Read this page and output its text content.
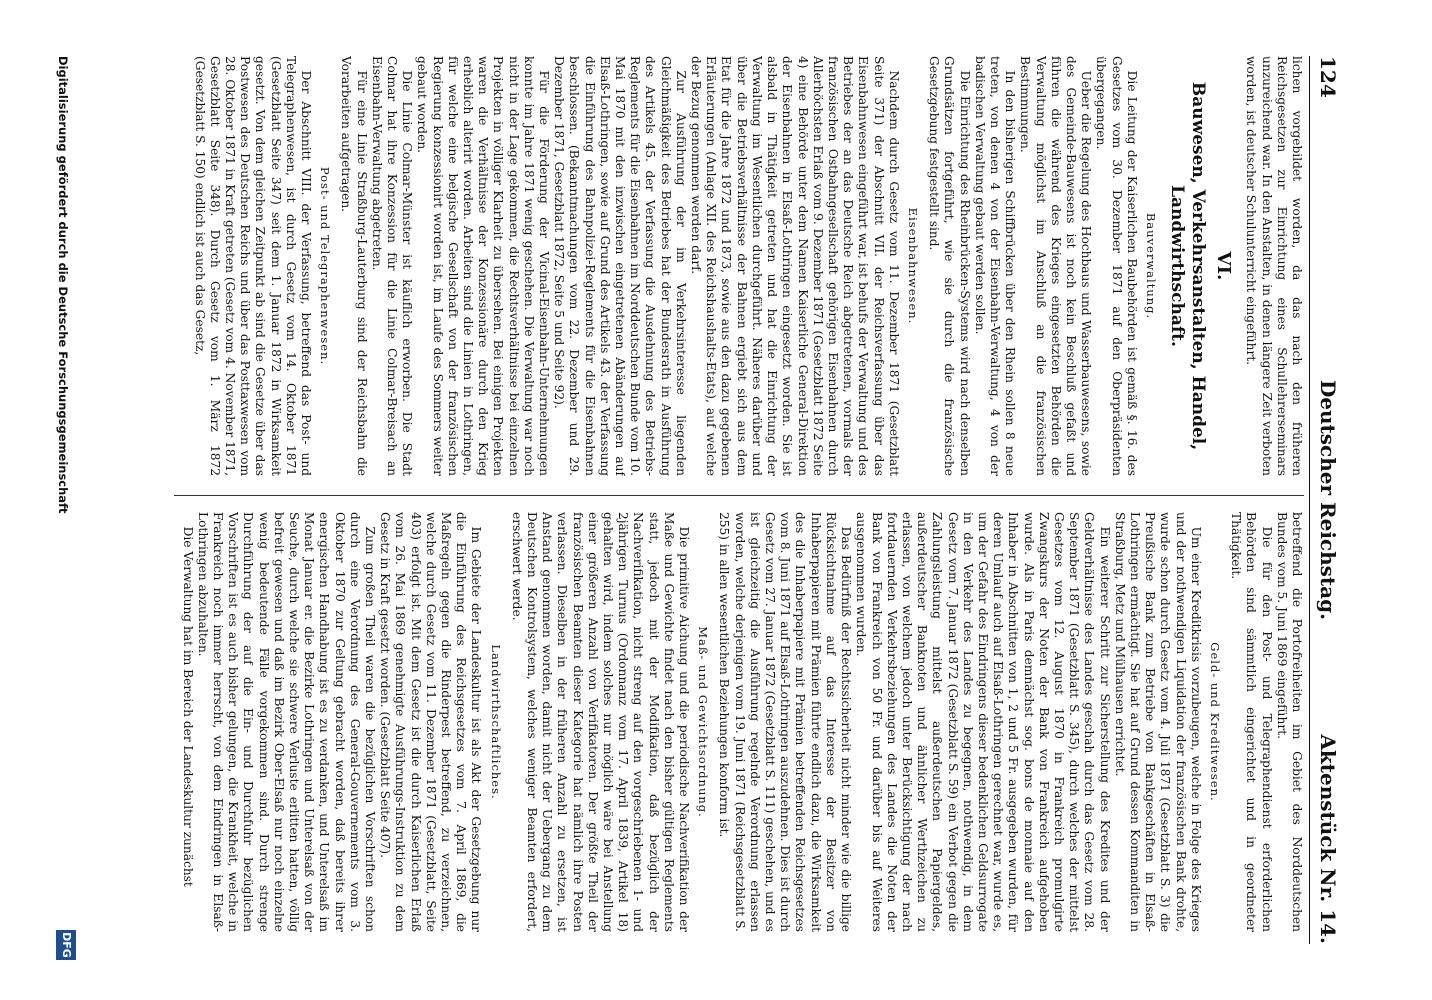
124
Deutscher Reichstag.
Aktenstück Nr. 14.

lichen vorgebildet worden, da das nach den früheren Reichsgesetzen zur Einrichtung eines Schullehrerseminars unzureichend war. In den Anstalten, in denen längere Zeit verboten worden, ist deutscher Schulunterricht eingeführt.

VI.
Bauwesen, Verkehrsanstalten, Handel, Landwirthschaft.
Bauverwaltung.

Die Leitung der Kaiserlichen Baubehörden ist gemäß §. 16. des Gesetzes vom 30. Dezember 1871 auf den Oberpräsidenten übergegangen.

Ueber die Regelung des Hochbaus und Wasserbauwesens, sowie des Gemeinde-Bauwesens ist noch kein Beschluß gefaßt und führen die während des Krieges eingesetzten Behörden die Verwaltung möglichst im Anschluß an die französischen Bestimmungen.

In den bisherigen Schiffbrücken über den Rhein sollen 8 neue treten, von denen 4 von der Eisenbahn-Verwaltung, 4 von der badischen Verwaltung gebaut werden sollen.

Die Einrichtung des Rheinbrücken-Systems wird nach denselben Grundsätzen fortgeführt, wie sie durch die französische Gesetzgebung festgestellt sind.

Eisenbahnwesen.

Nachdem durch Gesetz vom 11. Dezember 1871 (Gesetzblatt Seite 371) der Abschnitt VII. der Reichsverfassung über das Eisenbahnwesen eingeführt war, ist behufs der Verwaltung und des Betriebes der an das Deutsche Reich abgetretenen, vormals der französischen Ostbahngesellschaft gehörigen Eisenbahnen durch Allerhöchsten Erlaß vom 9. Dezember 1871 (Gesetzblatt 1872 Seite 4) eine Behörde unter dem Namen Kaiserliche General-Direktion der Eisenbahnen in Elsaß-Lothringen eingesetzt worden. Sie ist alsbald in Thätigkeit getreten und hat die Einrichtung der Verwaltung im Wesentlichen durchgeführt. Näheres darüber und über die Betriebsverhältnisse der Bahnen ergiebt sich aus dem Etat für die Jahre 1872 und 1873, sowie aus den dazu gegebenen Erläuterungen (Anlage XII. des Reichshaushalts-Etats), auf welche der Bezug genommen werden darf.

Zur Ausführung der im Verkehrsinteresse liegenden Gleichmäßigkeit des Betriebes hat der Bundesrath in Ausführung des Artikels 45. der Verfassung die Ausdehnung des Betriebs-Reglements für die Eisenbahnen im Norddeutschen Bunde vom 10. Mai 1870 mit den inzwischen eingetretenen Abänderungen auf Elsaß-Lothringen, sowie auf Grund des Artikels 43. der Verfassung die Einführung des Bahnpolizei-Reglements für die Eisenbahnen beschlossen. (Bekanntmachungen vom 22. Dezember und 29. Dezember 1871, Gesetzblatt 1872, Seite 5 und Seite 92).

Für die Förderung der Vicinal-Eisenbahn-Unternehmungen konnte im Jahre 1871 wenig geschehen. Die Verwaltung war noch nicht in der Lage gekommen, die Rechtsverhältnisse bei einzelnen Projekten in völliger Klarheit zu übersehen. Bei einigen Projekten waren die Verhältnisse der Konzessionäre durch den Krieg erheblich alterirt worden. Arbeiten sind die Linien in Lothringen, für welche eine belgische Gesellschaft von der französischen Regierung konzessionirt worden ist, im Laufe des Sommers weiter gebaut worden.

Die Linie Colmar-Münster ist käuflich erworben. Die Stadt Colmar hat ihre Konzession für die Linie Colmar-Breisach an Eisenbahn-Verwaltung abgetreten.

Für eine Linie Straßburg-Lauterburg sind der Reichsbahn die Vorarbeiten aufgetragen.

Post- und Telegraphenwesen.

Der Abschnitt VIII. der Verfassung, betreffend das Post- und Telegraphenwesen, ist durch Gesetz vom 14. Oktober 1871 (Gesetzblatt Seite 347) seit dem 1. Januar 1872 in Wirksamkeit gesetzt. Von dem gleichen Zeitpunkt ab sind die Gesetze über das Postwesen des Deutschen Reichs und über das Posttaxwesen vom 28. Oktober 1871 in Kraft getreten (Gesetz vom 4. November 1871, Gesetzblatt Seite 348). Durch Gesetz vom 1. März 1872 (Gesetzblatt S. 150) endlich ist auch das Gesetz,

betreffend die Portofreiheiten im Gebiet des Norddeutschen Bundes vom 5. Juni 1869 eingeführt.

Die für den Post- und Telegraphendienst erforderlichen Behörden sind sämmtlich eingerichtet und in geordneter Thätigkeit.

Geld- und Kreditwesen.

Um einer Kreditkrisis vorzubeugen, welche in Folge des Krieges und der nothwendigen Liquidation der französischen Bank drohte, wurde schon durch Gesetz vom 4. Juli 1871 (Gesetzblatt S. 3) die Preußische Bank zum Betriebe von Bankgeschäften in Elsaß-Lothringen ermächtigt. Sie hat auf Grund dessen Kommanditen in Straßburg, Metz und Mülhausen errichtet.

Ein weiterer Schritt zur Sicherstellung des Kredites und der Geldverhältnisse des Landes geschah durch das Gesetz vom 28. September 1871 (Gesetzblatt S. 345), durch welches der mittelst Gesetzes vom 12. August 1870 in Frankreich promulgirte Zwangskurs der Noten der Bank von Frankreich aufgehoben wurde. Als in Paris demnächst sog. bons de monnaie auf den Inhaber in Abschnitten von 1, 2 und 5 Fr. ausgegeben wurden, für deren Umlauf auch auf Elsaß-Lothringen gerechnet war, wurde es, um der Gefahr des Eindringens dieser bedenklichen Geldsurrogate in den Verkehr des Landes zu begegnen, nothwendig, in dem Gesetz vom 7. Januar 1872 (Gesetzblatt S. 59) ein Verbot gegen die Zahlungsleistung mittelst außerdeutschen Papiergeldes, außerdeutscher Banknoten und ähnlicher Werthzeichen zu erlassen, von welchem jedoch unter Berücksichtigung der nach fortdauernden Verkehrsbeziehungen des Landes die Noten der Bank von Frankreich von 50 Fr. und darüber bis auf Weiteres ausgenommen wurden.

Das Bedürfniß der Rechtssicherheit nicht minder wie die billige Rücksichtnahme auf das Interesse der Besitzer von Inhaberpapieren mit Prämien führte endlich dazu, die Wirksamkeit des die Inhaberpapiere mit Prämien betreffenden Reichsgesetzes vom 8. Juni 1871 auf Elsaß-Lothringen auszudehnen. Dies ist durch Gesetz vom 27. Januar 1872 (Gesetzblatt S. 111) geschehen, und es ist gleichzeitig die Ausführung regelnde Verordnung erlassen worden, welche derjenigen vom 19. Juni 1871 (Reichsgesetzblatt S. 255) in allen wesentlichen Beziehungen konform ist.

Maß- und Gewichtsordnung.

Die primitive Aichung und die periodische Nachverifikation der Maße und Gewichte findet nach den bisher gültigen Reglements statt, jedoch mit der Modifikation, daß bezüglich der Nachverifikation, nicht streng auf den vorgeschriebenen 1- und 2jährigen Turnus (Ordonnanz vom 17. April 1839, Artikel 18) gehalten wird, indem solches nur möglich wäre bei Anstellung einer größeren Anzahl von Verifikatoren. Der größte Theil der französischen Beamten dieser Kategorie hat nämlich ihre Posten verlassen. Dieselben in der früheren Anzahl zu ersetzen, ist Anstand genommen worden, damit nicht der Uebergang zu dem Deutschen Kontrolsystem, welches weniger Beamten erfordert, erschwert werde.

Landwirthschaftliches.

Im Gebiete der Landeskultur ist als Akt der Gesetzgebung nur die Einführung des Reichsgesetzes vom 7. April 1869, die Maßregeln gegen die Rinderpest betreffend, zu verzeichnen, welche durch Gesetz vom 11. Dezember 1871 (Gesetzblatt, Seite 403) erfolgt ist. Mit dem Gesetz ist die durch Kaiserlichen Erlaß vom 26. Mai 1869 genehmigte Ausführungs-Instruktion zu dem Gesetz in Kraft gesetzt worden. (Gesetzblatt Seite 407).

Zum großen Theil waren die bezüglichen Vorschriften schon durch eine Verordnung des General-Gouvernements vom 3. Oktober 1870 zur Geltung gebracht worden, daß bereits ihrer energischen Handhabung ist es zu verdanken, und Unterelsaß im Monat Januar er. die Bezirke Lothringen und Unterelsaß von der Seuche, durch welche sie schwere Verluste erlitten hatten, völlig befreit gewesen und daß im Bezirk Ober-Elsaß nur noch einzelne wenig bedeutende Fälle vorgekommen sind. Durch strenge Durchführung der auf die Ein- und Durchfuhr bezüglichen Vorschriften ist es auch bisher gelungen, die Krankheit, welche in Frankreich noch immer herrscht, von dem Eindringen in Elsaß-Lothringen abzuhalten.

Die Verwaltung hat im Bereich der Landeskultur zunächst

Digitalisierung gefördert durch die Deutsche Forschungsgemeinschaft
DFG
